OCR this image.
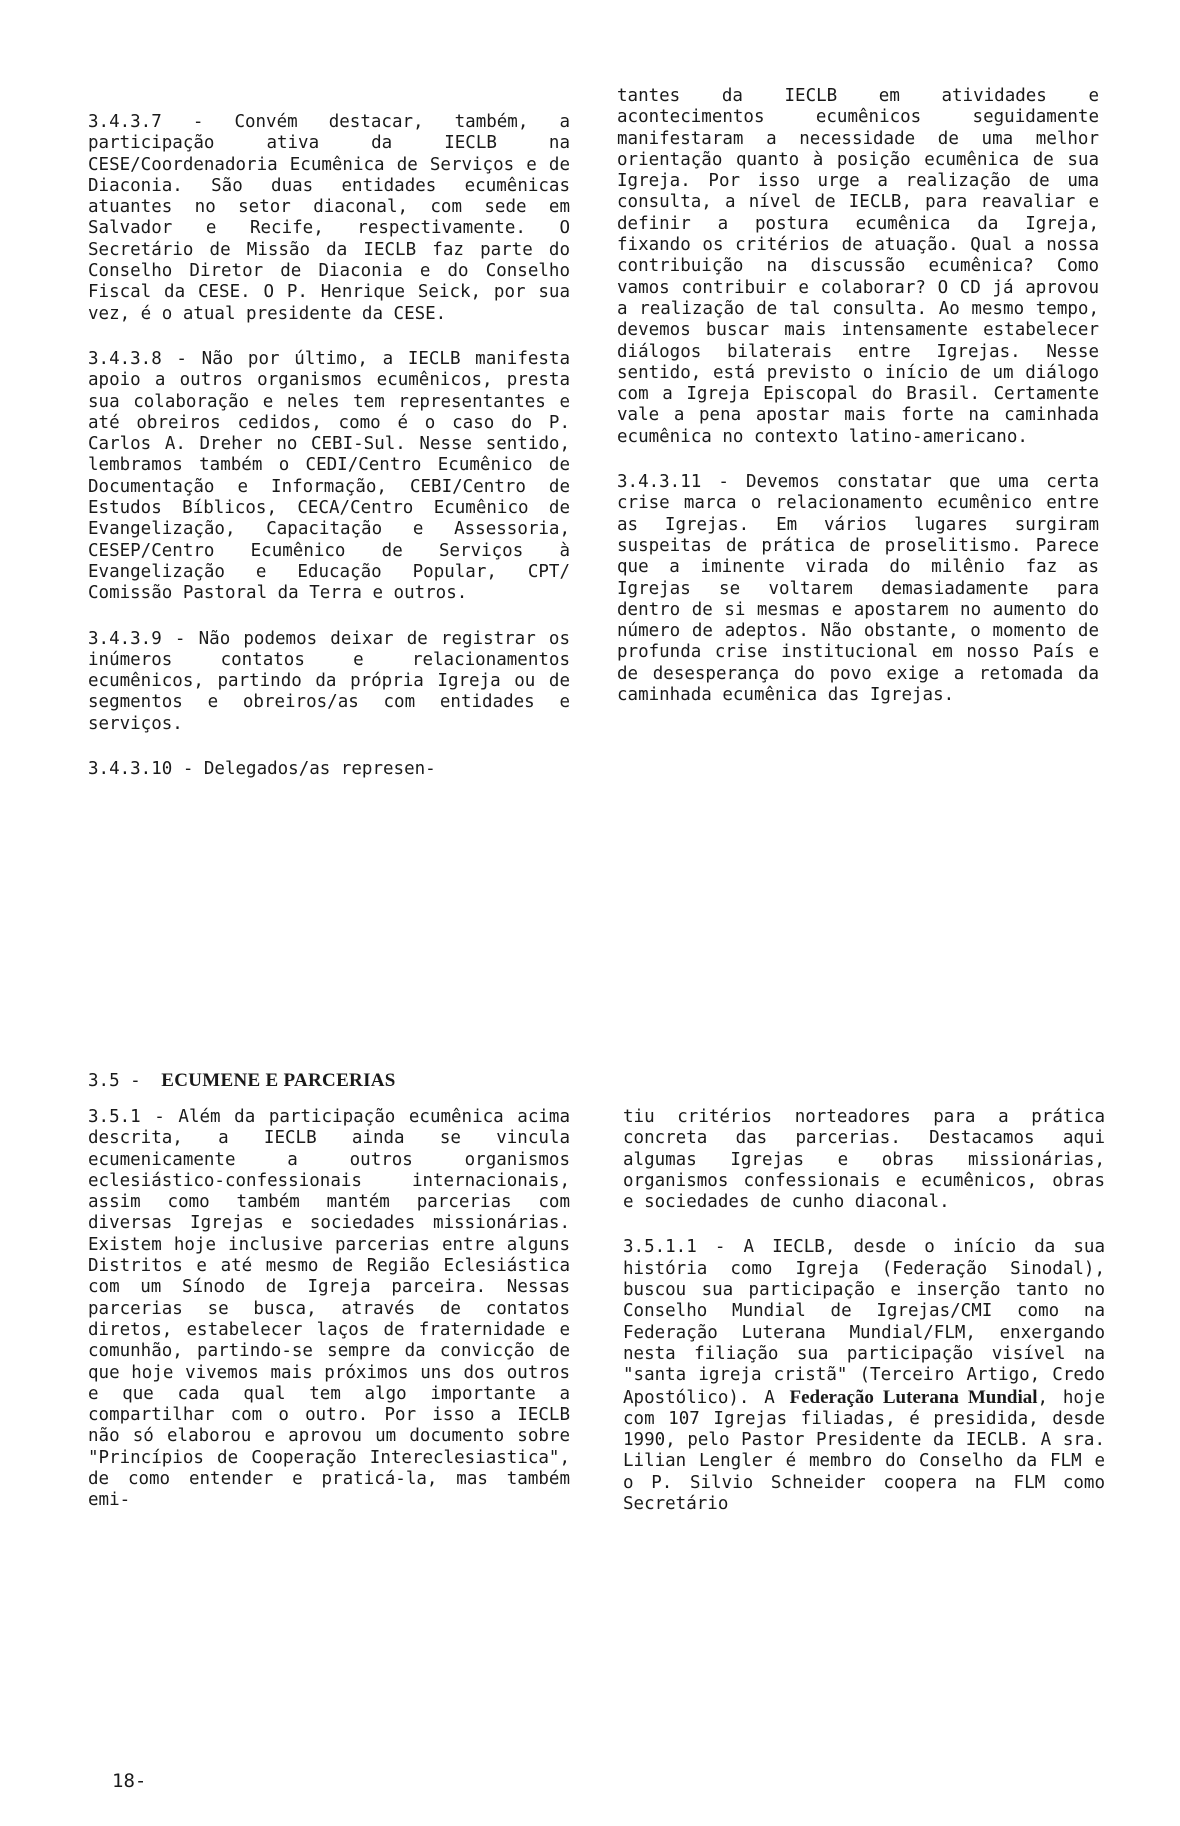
3.4.3.7 - Convém destacar, também, a participação ativa da IECLB na CESE/Coordenadoria Ecumênica de Serviços e de Diaconia. São duas entidades ecumênicas atuantes no setor diaconal, com sede em Salvador e Recife, respectivamente. O Secretário de Missão da IECLB faz parte do Conselho Diretor de Diaconia e do Conselho Fiscal da CESE. O P. Henrique Seick, por sua vez, é o atual presidente da CESE.

3.4.3.8 - Não por último, a IECLB manifesta apoio a outros organismos ecumênicos, presta sua colaboração e neles tem representantes e até obreiros cedidos, como é o caso do P. Carlos A. Dreher no CEBI-Sul. Nesse sentido, lembramos também o CEDI/Centro Ecumênico de Documentação e Informação, CEBI/Centro de Estudos Bíblicos, CECA/Centro Ecumênico de Evangelização, Capacitação e Assessoria, CESEP/Centro Ecumênico de Serviços à Evangelização e Educação Popular, CPT/ Comissão Pastoral da Terra e outros.

3.4.3.9 - Não podemos deixar de registrar os inúmeros contatos e relacionamentos ecumênicos, partindo da própria Igreja ou de segmentos e obreiros/as com entidades e serviços.

3.4.3.10 - Delegados/as represen-

tantes da IECLB em atividades e acontecimentos ecumênicos seguidamente manifestaram a necessidade de uma melhor orientação quanto à posição ecumênica de sua Igreja. Por isso urge a realização de uma consulta, a nível de IECLB, para reavaliar e definir a postura ecumênica da Igreja, fixando os critérios de atuação. Qual a nossa contribuição na discussão ecumênica? Como vamos contribuir e colaborar? O CD já aprovou a realização de tal consulta. Ao mesmo tempo, devemos buscar mais intensamente estabelecer diálogos bilaterais entre Igrejas. Nesse sentido, está previsto o início de um diálogo com a Igreja Episcopal do Brasil. Certamente vale a pena apostar mais forte na caminhada ecumênica no contexto latino-americano.

3.4.3.11 - Devemos constatar que uma certa crise marca o relacionamento ecumênico entre as Igrejas. Em vários lugares surgiram suspeitas de prática de proselitismo. Parece que a iminente virada do milênio faz as Igrejas se voltarem demasiadamente para dentro de si mesmas e apostarem no aumento do número de adeptos. Não obstante, o momento de profunda crise institucional em nosso País e de desesperança do povo exige a retomada da caminhada ecumênica das Igrejas.

3.5 - ECUMENE E PARCERIAS

3.5.1 - Além da participação ecumênica acima descrita, a IECLB ainda se vincula ecumenicamente a outros organismos eclesiástico-confessionais internacionais, assim como também mantém parcerias com diversas Igrejas e sociedades missionárias. Existem hoje inclusive parcerias entre alguns Distritos e até mesmo de Região Eclesiástica com um Sínodo de Igreja parceira. Nessas parcerias se busca, através de contatos diretos, estabelecer laços de fraternidade e comunhão, partindo-se sempre da convicção de que hoje vivemos mais próximos uns dos outros e que cada qual tem algo importante a compartilhar com o outro. Por isso a IECLB não só elaborou e aprovou um documento sobre "Princípios de Cooperação Intereclesiastica", de como entender e praticá-la, mas também emi-

tiu critérios norteadores para a prática concreta das parcerias. Destacamos aqui algumas Igrejas e obras missionárias, organismos confessionais e ecumênicos, obras e sociedades de cunho diaconal.

3.5.1.1 - A IECLB, desde o início da sua história como Igreja (Federação Sinodal), buscou sua participação e inserção tanto no Conselho Mundial de Igrejas/CMI como na Federação Luterana Mundial/FLM, enxergando nesta filiação sua participação visível na "santa igreja cristã" (Terceiro Artigo, Credo Apostólico). A Federação Luterana Mundial, hoje com 107 Igrejas filiadas, é presidida, desde 1990, pelo Pastor Presidente da IECLB. A sra. Lilian Lengler é membro do Conselho da FLM e o P. Silvio Schneider coopera na FLM como Secretário

18-
